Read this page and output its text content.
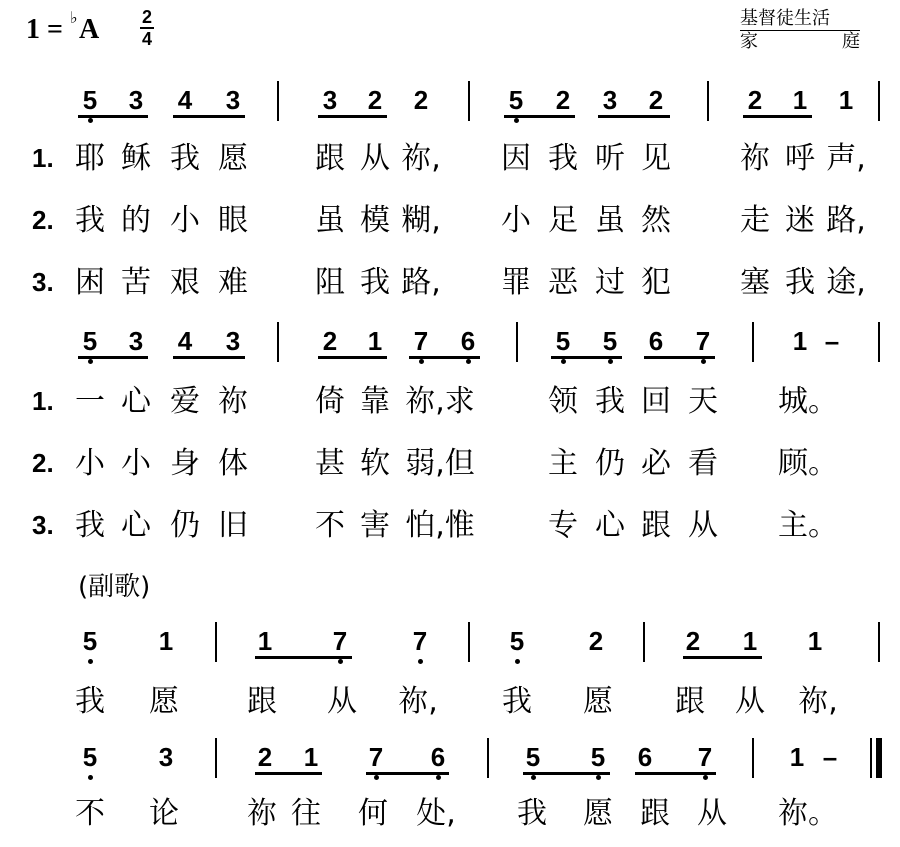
1 = ♭ A 2
4
基督徒生活
家	庭
5 3 4 3	3 2 2	5 2 3 2	2 1 1
1. 耶 稣 我 愿 跟 从 祢, 因 我 听 见 祢 呼 声,
2. 我 的 小 眼 虽 模 糊, 小 足 虽 然 走 迷 路,
3. 困 苦 艰 难 阻 我 路, 罪 恶 过 犯 塞 我 途,
5 3 4 3	2 1 7 6	5 5 6 7	1 –
1. 一 心 爱 祢 倚 靠 祢,求 领 我 回 天 城。
2. 小 小 身 体 甚 软 弱,但 主 仍 必 看 顾。
3. 我 心 仍 旧 不 害 怕,惟 专 心 跟 从 主。
5 1	1 7	7	5 2	2 1 1
我 愿 跟 从 祢, 我 愿 跟 从 祢,
5 3	2 1 7 6	5 5 6 7	1 –
不 论 祢 往 何 处, 我 愿 跟 从 祢。
(副歌)
